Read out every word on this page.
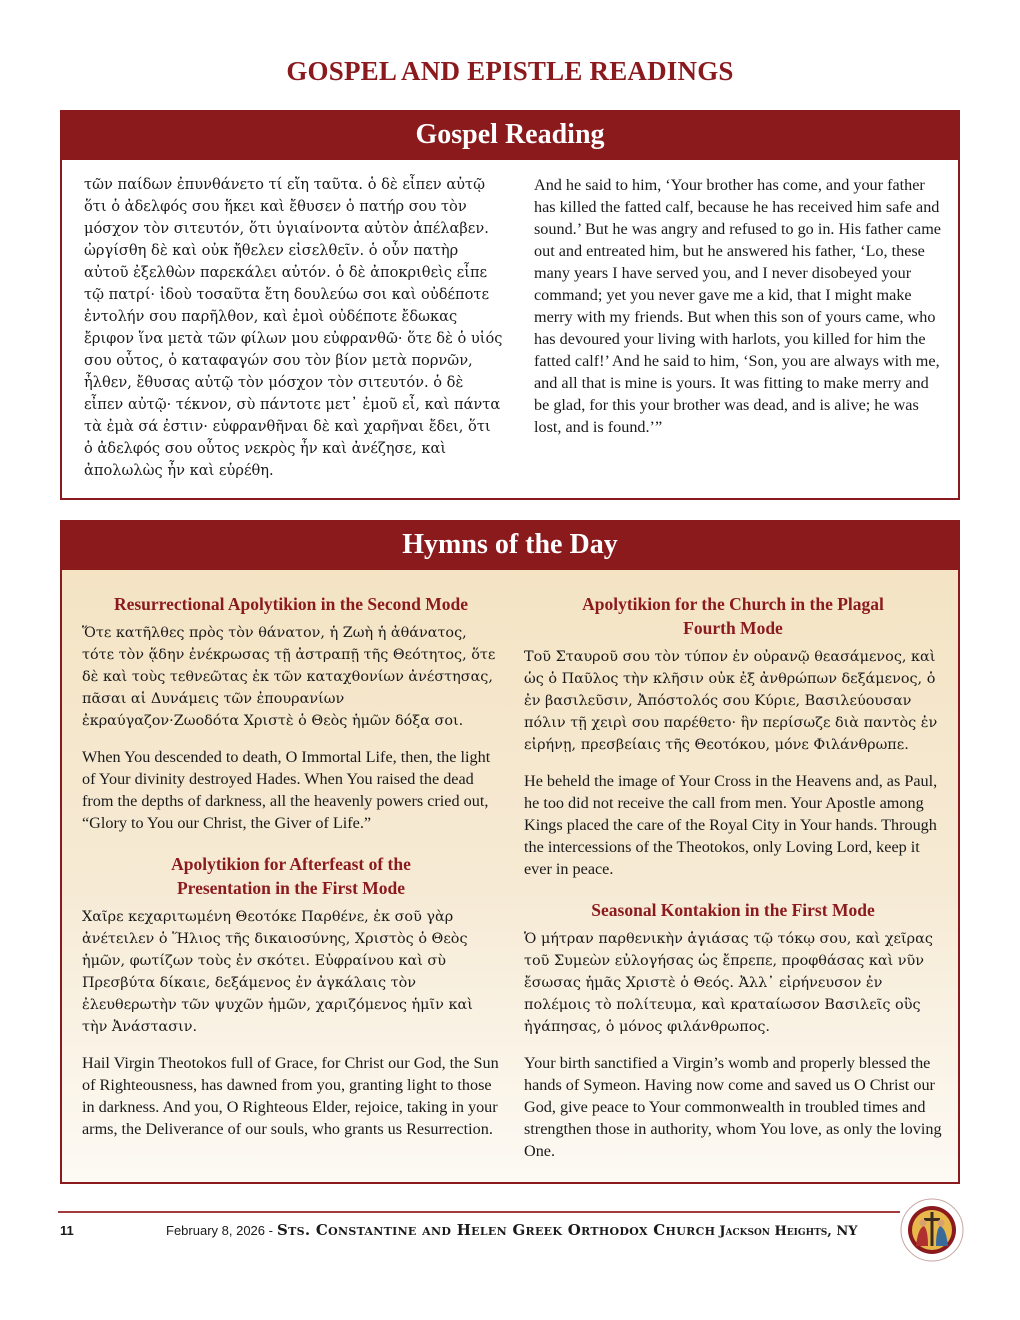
GOSPEL AND EPISTLE READINGS
Gospel Reading

τῶν παίδων ἐπυνθάνετο τί εἴη ταῦτα. ὁ δὲ εἶπεν αὐτῷ ὅτι ὁ ἀδελφός σου ἥκει καὶ ἔθυσεν ὁ πατήρ σου τὸν μόσχον τὸν σιτευτόν, ὅτι ὑγιαίνοντα αὐτὸν ἀπέλαβεν. ὠργίσθη δὲ καὶ οὐκ ἤθελεν εἰσελθεῖν. ὁ οὖν πατὴρ αὐτοῦ ἐξελθὼν παρεκάλει αὐτόν. ὁ δὲ ἀποκριθεὶς εἶπε τῷ πατρί· ἰδοὺ τοσαῦτα ἔτη δουλεύω σοι καὶ οὐδέποτε ἐντολήν σου παρῆλθον, καὶ ἐμοὶ οὐδέποτε ἔδωκας ἔριφον ἵνα μετὰ τῶν φίλων μου εὐφρανθῶ· ὅτε δὲ ὁ υἱός σου οὗτος, ὁ καταφαγών σου τὸν βίον μετὰ πορνῶν, ἦλθεν, ἔθυσας αὐτῷ τὸν μόσχον τὸν σιτευτόν. ὁ δὲ εἶπεν αὐτῷ· τέκνον, σὺ πάντοτε μετ᾽ ἐμοῦ εἶ, καὶ πάντα τὰ ἐμὰ σά ἐστιν· εὐφρανθῆναι δὲ καὶ χαρῆναι ἔδει, ὅτι ὁ ἀδελφός σου οὗτος νεκρὸς ἦν καὶ ἀνέζησε, καὶ ἀπολωλὼς ἦν καὶ εὑρέθη.

And he said to him, ‘Your brother has come, and your father has killed the fatted calf, because he has received him safe and sound.’ But he was angry and refused to go in. His father came out and entreated him, but he answered his father, ‘Lo, these many years I have served you, and I never disobeyed your command; yet you never gave me a kid, that I might make merry with my friends. But when this son of yours came, who has devoured your living with harlots, you killed for him the fatted calf!’ And he said to him, ‘Son, you are always with me, and all that is mine is yours. It was fitting to make merry and be glad, for this your brother was dead, and is alive; he was lost, and is found.’”

Hymns of the Day
Resurrectional Apolytikion in the Second Mode

Ὅτε κατῆλθες πρὸς τὸν θάνατον, ἡ Ζωὴ ἡ ἀθάνατος, τότε τὸν ᾅδην ἐνέκρωσας τῇ ἀστραπῇ τῆς Θεότητος, ὅτε δὲ καὶ τοὺς τεθνεῶτας ἐκ τῶν καταχθονίων ἀνέστησας, πᾶσαι αἱ Δυνάμεις τῶν ἐπουρανίων ἐκραύγαζον·Ζωοδότα Χριστὲ ὁ Θεὸς ἡμῶν δόξα σοι.

When You descended to death, O Immortal Life, then, the light of Your divinity destroyed Hades. When You raised the dead from the depths of darkness, all the heavenly powers cried out, “Glory to You our Christ, the Giver of Life.”

Apolytikion for Afterfeast of the Presentation in the First Mode

Χαῖρε κεχαριτωμένη Θεοτόκε Παρθένε, ἐκ σοῦ γὰρ ἀνέτειλεν ὁ Ἥλιος τῆς δικαιοσύνης, Χριστὸς ὁ Θεὸς ἡμῶν, φωτίζων τοὺς ἐν σκότει. Εὐφραίνου καὶ σὺ Πρεσβύτα δίκαιε, δεξάμενος ἐν ἀγκάλαις τὸν ἐλευθερωτὴν τῶν ψυχῶν ἡμῶν, χαριζόμενος ἡμῖν καὶ τὴν Ἀνάστασιν.

Hail Virgin Theotokos full of Grace, for Christ our God, the Sun of Righteousness, has dawned from you, granting light to those in darkness. And you, O Righteous Elder, rejoice, taking in your arms, the Deliverance of our souls, who grants us Resurrection.

Apolytikion for the Church in the Plagal Fourth Mode

Τοῦ Σταυροῦ σου τὸν τύπον ἐν οὐρανῷ θεασάμενος, καὶ ὡς ὁ Παῦλος τὴν κλῆσιν οὐκ ἐξ ἀνθρώπων δεξάμενος, ὁ ἐν βασιλεῦσιν, Ἀπόστολός σου Κύριε, Βασιλεύουσαν πόλιν τῇ χειρὶ σου παρέθετο· ἣν περίσωζε διὰ παντὸς ἐν εἰρήνῃ, πρεσβείαις τῆς Θεοτόκου, μόνε Φιλάνθρωπε.

He beheld the image of Your Cross in the Heavens and, as Paul, he too did not receive the call from men. Your Apostle among Kings placed the care of the Royal City in Your hands. Through the intercessions of the Theotokos, only Loving Lord, keep it ever in peace.

Seasonal Kontakion in the First Mode

Ὁ μήτραν παρθενικὴν ἁγιάσας τῷ τόκῳ σου, καὶ χεῖρας τοῦ Συμεὼν εὐλογήσας ὡς ἔπρεπε, προφθάσας καὶ νῦν ἔσωσας ἡμᾶς Χριστὲ ὁ Θεός. Ἀλλ᾽ εἰρήνευσον ἐν πολέμοις τὸ πολίτευμα, καὶ κραταίωσον Βασιλεῖς οὓς ἠγάπησας, ὁ μόνος φιλάνθρωπος.

Your birth sanctified a Virgin’s womb and properly blessed the hands of Symeon. Having now come and saved us O Christ our God, give peace to Your commonwealth in troubled times and strengthen those in authority, whom You love, as only the loving One.

11	February 8, 2026 - Sts. Constantine and Helen Greek Orthodox Church Jackson Heights, NY
